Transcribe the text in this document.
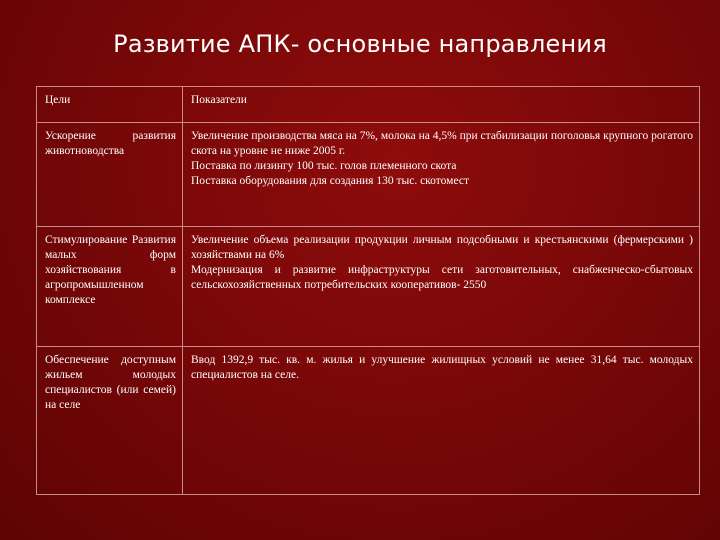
Развитие АПК- основные направления
Цели	Показатели
Ускорение развития животноводства	Увеличение производства мяса на 7%, молока на 4,5% при стабилизации поголовья крупного рогатого скота на уровне не ниже 2005 г.
Поставка по лизингу 100 тыс. голов племенного скота
Поставка оборудования для создания 130 тыс. скотомест

Стимулирование Развития малых форм хозяйствования в агропромышленном комплексе	Увеличение объема реализации продукции личным подсобными и крестьянскими (фермерскими ) хозяйствами на 6%
Модернизация и развитие инфраструктуры сети заготовительных, снабженческо-сбытовых сельскохозяйственных потребительских кооперативов- 2550

Обеспечение доступным жильем молодых специалистов (или семей) на селе	Ввод 1392,9 тыс. кв. м. жилья и улучшение жилищных условий не менее 31,64 тыс. молодых специалистов на селе.
